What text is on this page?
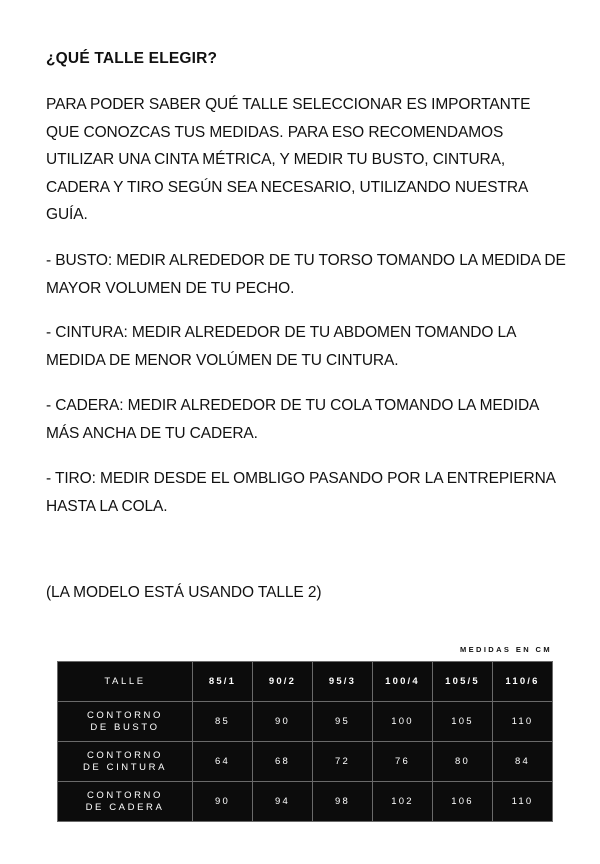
¿QUÉ TALLE ELEGIR?

PARA PODER SABER QUÉ TALLE SELECCIONAR ES IMPORTANTE QUE CONOZCAS TUS MEDIDAS. PARA ESO RECOMENDAMOS UTILIZAR UNA CINTA MÉTRICA, Y MEDIR TU BUSTO, CINTURA, CADERA Y TIRO SEGÚN SEA NECESARIO, UTILIZANDO NUESTRA GUÍA.

- BUSTO: MEDIR ALREDEDOR DE TU TORSO TOMANDO LA MEDIDA DE MAYOR VOLUMEN DE TU PECHO.

- CINTURA: MEDIR ALREDEDOR DE TU ABDOMEN TOMANDO LA MEDIDA DE MENOR VOLÚMEN DE TU CINTURA.

- CADERA: MEDIR ALREDEDOR DE TU COLA TOMANDO LA MEDIDA MÁS ANCHA DE TU CADERA.

- TIRO: MEDIR DESDE EL OMBLIGO PASANDO POR LA ENTREPIERNA HASTA LA COLA.

(LA MODELO ESTÁ USANDO TALLE 2)

MEDIDAS EN CM
TALLE	85/1	90/2	95/3	100/4	105/5	110/6

CONTORNO
DE BUSTO	85	90	95	100	105	110

CONTORNO
DE CINTURA	64	68	72	76	80	84

CONTORNO
DE CADERA	90	94	98	102	106	110
